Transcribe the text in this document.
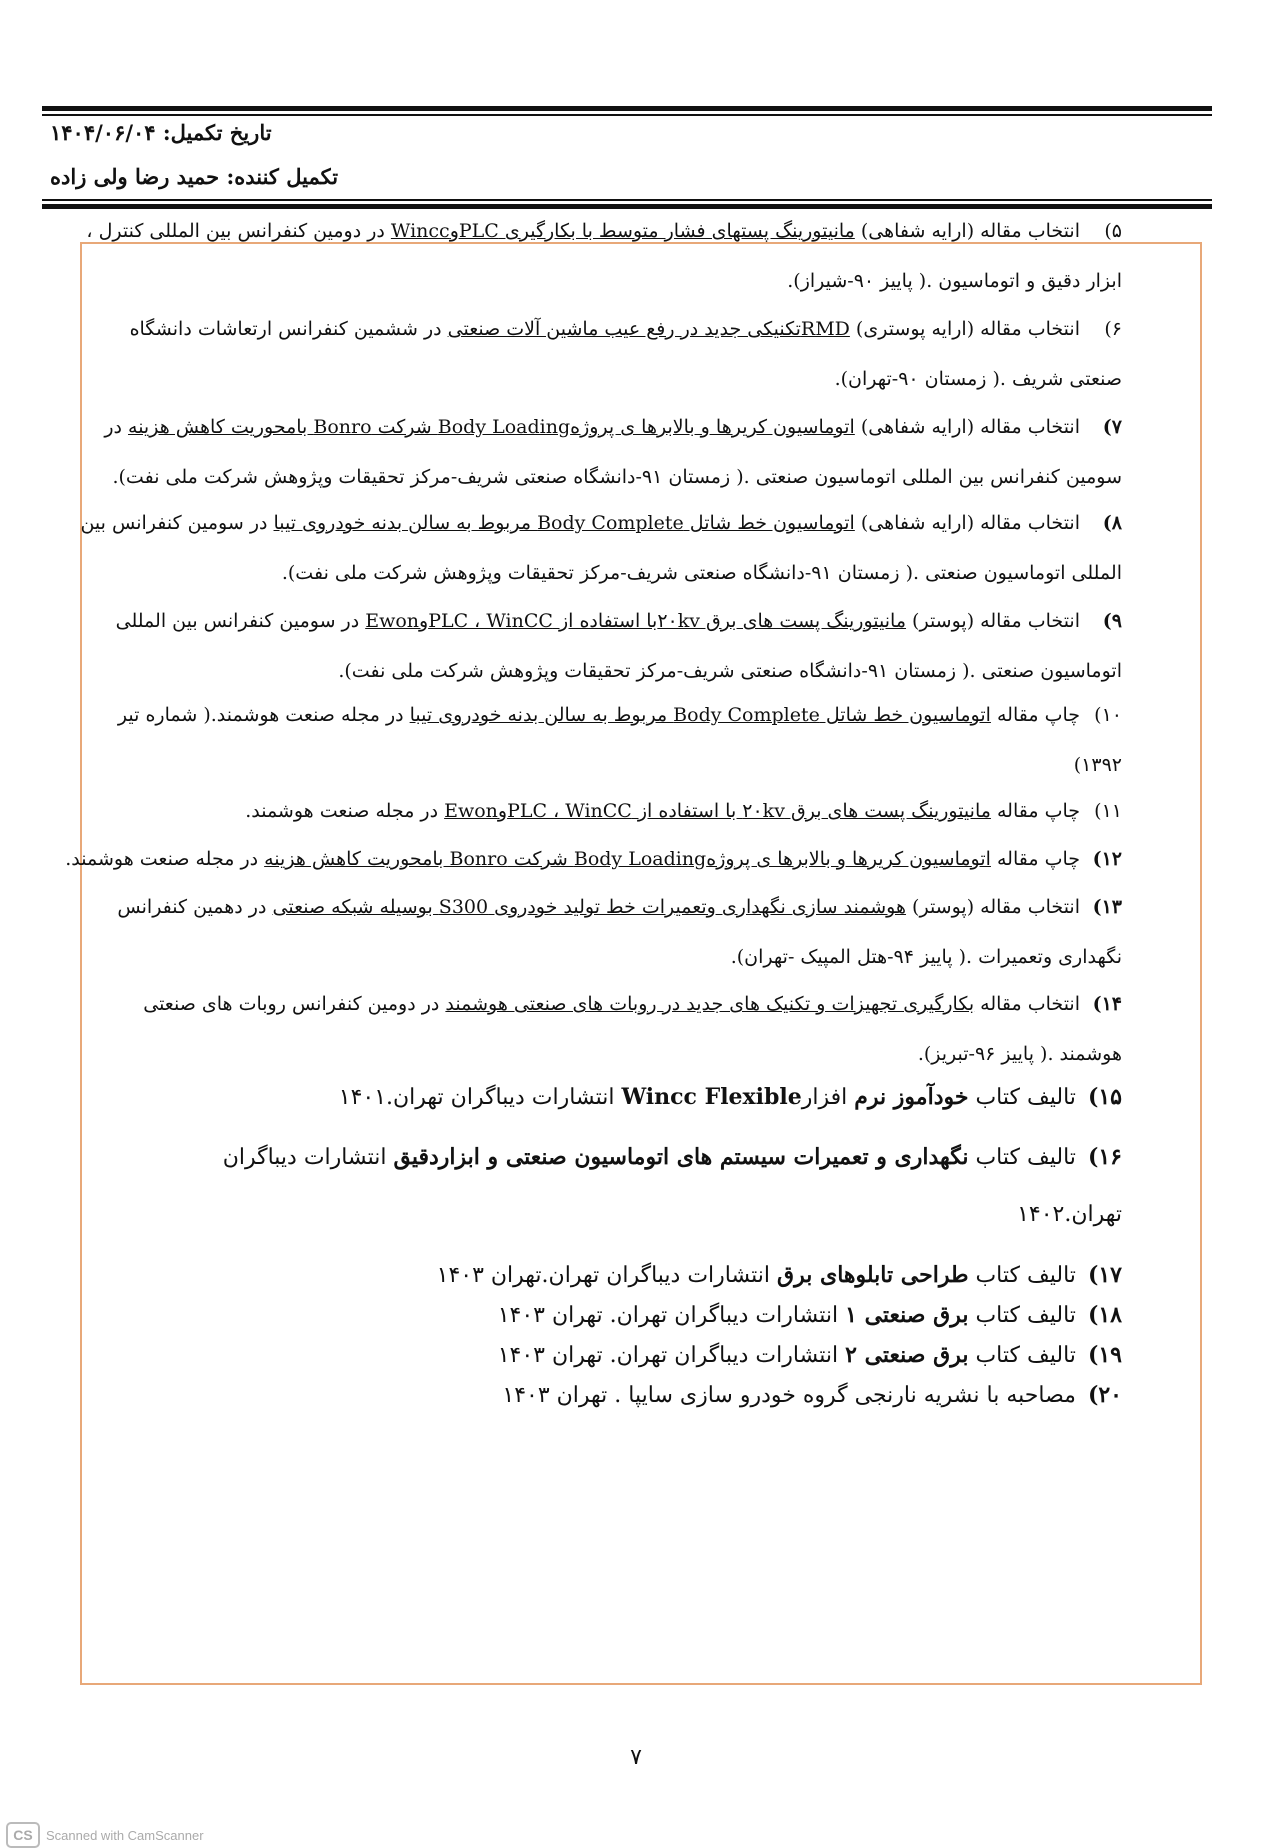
تاریخ تکمیل: ۱۴۰۴/۰۶/۰۴
تکمیل کننده: حمید رضا ولی زاده
۵)انتخاب مقاله (ارایه شفاهی) مانیتورینگ پستهای فشار متوسط با بکارگیری PLCوWincc در دومین کنفرانس بین المللی کنترل ،
ابزار دقیق و اتوماسیون .( پاییز ۹۰-شیراز).
۶)انتخاب مقاله (ارایه پوستری) RMDتکنیکی جدید در رفع عیب ماشین آلات صنعتی در ششمین کنفرانس ارتعاشات دانشگاه
صنعتی شریف .( زمستان ۹۰-تهران).
۷)انتخاب مقاله (ارایه شفاهی) اتوماسیون کریرها و بالابرها ی پروژهBody Loading شرکت Bonro بامحوریت کاهش هزینه در
سومین کنفرانس بین المللی اتوماسیون صنعتی .( زمستان ۹۱-دانشگاه صنعتی شریف-مرکز تحقیقات وپژوهش شرکت ملی نفت).
۸)انتخاب مقاله (ارایه شفاهی) اتوماسیون خط شاتل Body Complete مربوط به سالن بدنه خودروی تیبا در سومین کنفرانس بین
المللی اتوماسیون صنعتی .( زمستان ۹۱-دانشگاه صنعتی شریف-مرکز تحقیقات وپژوهش شرکت ملی نفت).
۹)انتخاب مقاله (پوستر) مانیتورینگ پست های برق ۲۰kvبا استفاده از PLC ، WinCCوEwon در سومین کنفرانس بین المللی
اتوماسیون صنعتی .( زمستان ۹۱-دانشگاه صنعتی شریف-مرکز تحقیقات وپژوهش شرکت ملی نفت).
۱۰)چاپ مقاله اتوماسیون خط شاتل Body Complete مربوط به سالن بدنه خودروی تیبا در مجله صنعت هوشمند.( شماره تیر
۱۳۹۲)
۱۱)چاپ مقاله مانیتورینگ پست های برق ۲۰kv با استفاده از PLC ، WinCCوEwon در مجله صنعت هوشمند.
۱۲)چاپ مقاله اتوماسیون کریرها و بالابرها ی پروژهBody Loading شرکت Bonro بامحوریت کاهش هزینه در مجله صنعت هوشمند.
۱۳)انتخاب مقاله (پوستر) هوشمند سازی نگهداری وتعمیرات خط تولید خودروی S300 بوسیله شبکه صنعتی در دهمین کنفرانس
نگهداری وتعمیرات .( پاییز ۹۴-هتل المپیک -تهران).
۱۴)انتخاب مقاله بکارگیری تجهیزات و تکنیک های جدید در روبات های صنعتی هوشمند در دومین کنفرانس روبات های صنعتی
هوشمند .( پاییز ۹۶-تبریز).
۱۵)تالیف کتاب خودآموز نرم افزارWincc Flexible انتشارات دیباگران تهران.۱۴۰۱
۱۶)تالیف کتاب نگهداری و تعمیرات سیستم های اتوماسیون صنعتی و ابزاردقیق انتشارات دیباگران
تهران.۱۴۰۲
۱۷)تالیف کتاب طراحی تابلوهای برق انتشارات دیباگران تهران.تهران ۱۴۰۳
۱۸)تالیف کتاب برق صنعتی ۱ انتشارات دیباگران تهران. تهران ۱۴۰۳
۱۹)تالیف کتاب برق صنعتی ۲ انتشارات دیباگران تهران. تهران ۱۴۰۳
۲۰)مصاحبه با نشریه نارنجی گروه خودرو سازی سایپا . تهران ۱۴۰۳
۷
CS	Scanned with CamScanner
